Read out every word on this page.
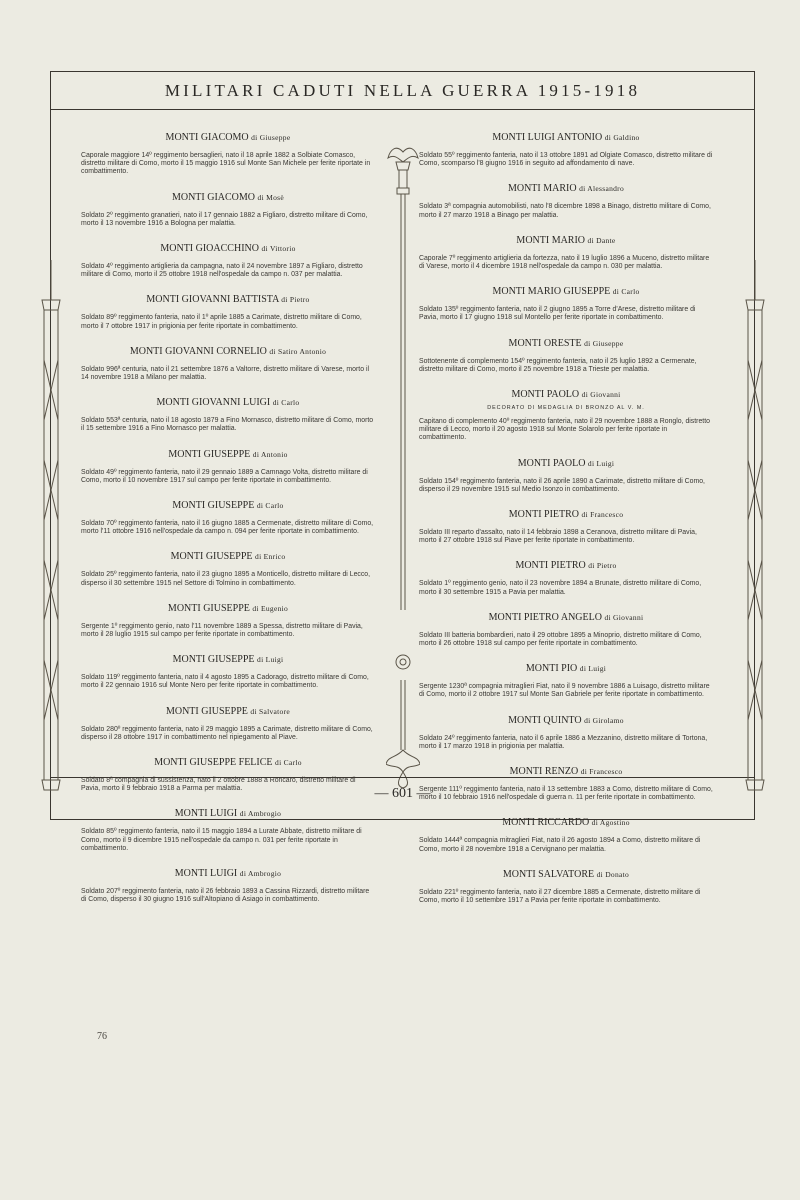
MILITARI CADUTI NELLA GUERRA 1915-1918
MONTI GIACOMO di Giuseppe

Caporale maggiore 14º reggimento bersaglieri, nato il 18 aprile 1882 a Solbiate Comasco, distretto militare di Como, morto il 15 maggio 1916 sul Monte San Michele per ferite riportate in combattimento.

MONTI GIACOMO di Mosè

Soldato 2º reggimento granatieri, nato il 17 gennaio 1882 a Figliaro, distretto militare di Como, morto il 13 novembre 1916 a Bologna per malattia.

MONTI GIOACCHINO di Vittorio

Soldato 4º reggimento artiglieria da campagna, nato il 24 novembre 1897 a Figliaro, distretto militare di Como, morto il 25 ottobre 1918 nell'ospedale da campo n. 037 per malattia.

MONTI GIOVANNI BATTISTA di Pietro

Soldato 89º reggimento fanteria, nato il 1º aprile 1885 a Carimate, distretto militare di Como, morto il 7 ottobre 1917 in prigionia per ferite riportate in combattimento.

MONTI GIOVANNI CORNELIO di Satiro Antonio

Soldato 996ª centuria, nato il 21 settembre 1876 a Valtorre, distretto militare di Varese, morto il 14 novembre 1918 a Milano per malattia.

MONTI GIOVANNI LUIGI di Carlo

Soldato 553ª centuria, nato il 18 agosto 1879 a Fino Mornasco, distretto militare di Como, morto il 15 settembre 1916 a Fino Mornasco per malattia.

MONTI GIUSEPPE di Antonio

Soldato 49º reggimento fanteria, nato il 29 gennaio 1889 a Camnago Volta, distretto militare di Como, morto il 10 novembre 1917 sul campo per ferite riportate in combattimento.

MONTI GIUSEPPE di Carlo

Soldato 70º reggimento fanteria, nato il 16 giugno 1885 a Cermenate, distretto militare di Como, morto l'11 ottobre 1916 nell'ospedale da campo n. 094 per ferite riportate in combattimento.

MONTI GIUSEPPE di Enrico

Soldato 25º reggimento fanteria, nato il 23 giugno 1895 a Monticello, distretto militare di Lecco, disperso il 30 settembre 1915 nel Settore di Tolmino in combattimento.

MONTI GIUSEPPE di Eugenio

Sergente 1º reggimento genio, nato l'11 novembre 1889 a Spessa, distretto militare di Pavia, morto il 28 luglio 1915 sul campo per ferite riportate in combattimento.

MONTI GIUSEPPE di Luigi

Soldato 119º reggimento fanteria, nato il 4 agosto 1895 a Cadorago, distretto militare di Como, morto il 22 gennaio 1916 sul Monte Nero per ferite riportate in combattimento.

MONTI GIUSEPPE di Salvatore

Soldato 280º reggimento fanteria, nato il 29 maggio 1895 a Carimate, distretto militare di Como, disperso il 28 ottobre 1917 in combattimento nel ripiegamento al Piave.

MONTI GIUSEPPE FELICE di Carlo

Soldato 8ª compagnia di sussistenza, nato il 2 ottobre 1888 a Roncaro, distretto militare di Pavia, morto il 9 febbraio 1918 a Parma per malattia.

MONTI LUIGI di Ambrogio

Soldato 85º reggimento fanteria, nato il 15 maggio 1894 a Lurate Abbate, distretto militare di Como, morto il 9 dicembre 1915 nell'ospedale da campo n. 031 per ferite riportate in combattimento.

MONTI LUIGI di Ambrogio

Soldato 207º reggimento fanteria, nato il 26 febbraio 1893 a Cassina Rizzardi, distretto militare di Como, disperso il 30 giugno 1916 sull'Altopiano di Asiago in combattimento.

MONTI LUIGI ANTONIO di Galdino

Soldato 55º reggimento fanteria, nato il 13 ottobre 1891 ad Olgiate Comasco, distretto militare di Como, scomparso l'8 giugno 1916 in seguito ad affondamento di nave.

MONTI MARIO di Alessandro

Soldato 3ª compagnia automobilisti, nato l'8 dicembre 1898 a Binago, distretto militare di Como, morto il 27 marzo 1918 a Binago per malattia.

MONTI MARIO di Dante

Caporale 7º reggimento artiglieria da fortezza, nato il 19 luglio 1896 a Muceno, distretto militare di Varese, morto il 4 dicembre 1918 nell'ospedale da campo n. 030 per malattia.

MONTI MARIO GIUSEPPE di Carlo

Soldato 135º reggimento fanteria, nato il 2 giugno 1895 a Torre d'Arese, distretto militare di Pavia, morto il 17 giugno 1918 sul Montello per ferite riportate in combattimento.

MONTI ORESTE di Giuseppe

Sottotenente di complemento 154º reggimento fanteria, nato il 25 luglio 1892 a Cermenate, distretto militare di Como, morto il 25 novembre 1918 a Trieste per malattia.

MONTI PAOLO di Giovanni
DECORATO DI MEDAGLIA DI BRONZO AL V. M.

Capitano di complemento 40º reggimento fanteria, nato il 29 novembre 1888 a Ronglo, distretto militare di Lecco, morto il 20 agosto 1918 sul Monte Solarolo per ferite riportate in combattimento.

MONTI PAOLO di Luigi

Soldato 154º reggimento fanteria, nato il 26 aprile 1890 a Carimate, distretto militare di Como, disperso il 29 novembre 1915 sul Medio Isonzo in combattimento.

MONTI PIETRO di Francesco

Soldato III reparto d'assalto, nato il 14 febbraio 1898 a Ceranova, distretto militare di Pavia, morto il 27 ottobre 1918 sul Piave per ferite riportate in combattimento.

MONTI PIETRO di Pietro

Soldato 1º reggimento genio, nato il 23 novembre 1894 a Brunate, distretto militare di Como, morto il 30 settembre 1915 a Pavia per malattia.

MONTI PIETRO ANGELO di Giovanni

Soldato III batteria bombardieri, nato il 29 ottobre 1895 a Minoprio, distretto militare di Como, morto il 26 ottobre 1918 sul campo per ferite riportate in combattimento.

MONTI PIO di Luigi

Sergente 1230ª compagnia mitraglieri Fiat, nato il 9 novembre 1886 a Luisago, distretto militare di Como, morto il 2 ottobre 1917 sul Monte San Gabriele per ferite riportate in combattimento.

MONTI QUINTO di Girolamo

Soldato 24º reggimento fanteria, nato il 6 aprile 1886 a Mezzanino, distretto militare di Tortona, morto il 17 marzo 1918 in prigionia per malattia.

MONTI RENZO di Francesco

Sergente 111º reggimento fanteria, nato il 13 settembre 1883 a Como, distretto militare di Como, morto il 10 febbraio 1916 nell'ospedale di guerra n. 11 per ferite riportate in combattimento.

MONTI RICCARDO di Agostino

Soldato 1444ª compagnia mitraglieri Fiat, nato il 26 agosto 1894 a Como, distretto militare di Como, morto il 28 novembre 1918 a Cervignano per malattia.

MONTI SALVATORE di Donato

Soldato 221º reggimento fanteria, nato il 27 dicembre 1885 a Cermenate, distretto militare di Como, morto il 10 settembre 1917 a Pavia per ferite riportate in combattimento.

— 601 —
76
